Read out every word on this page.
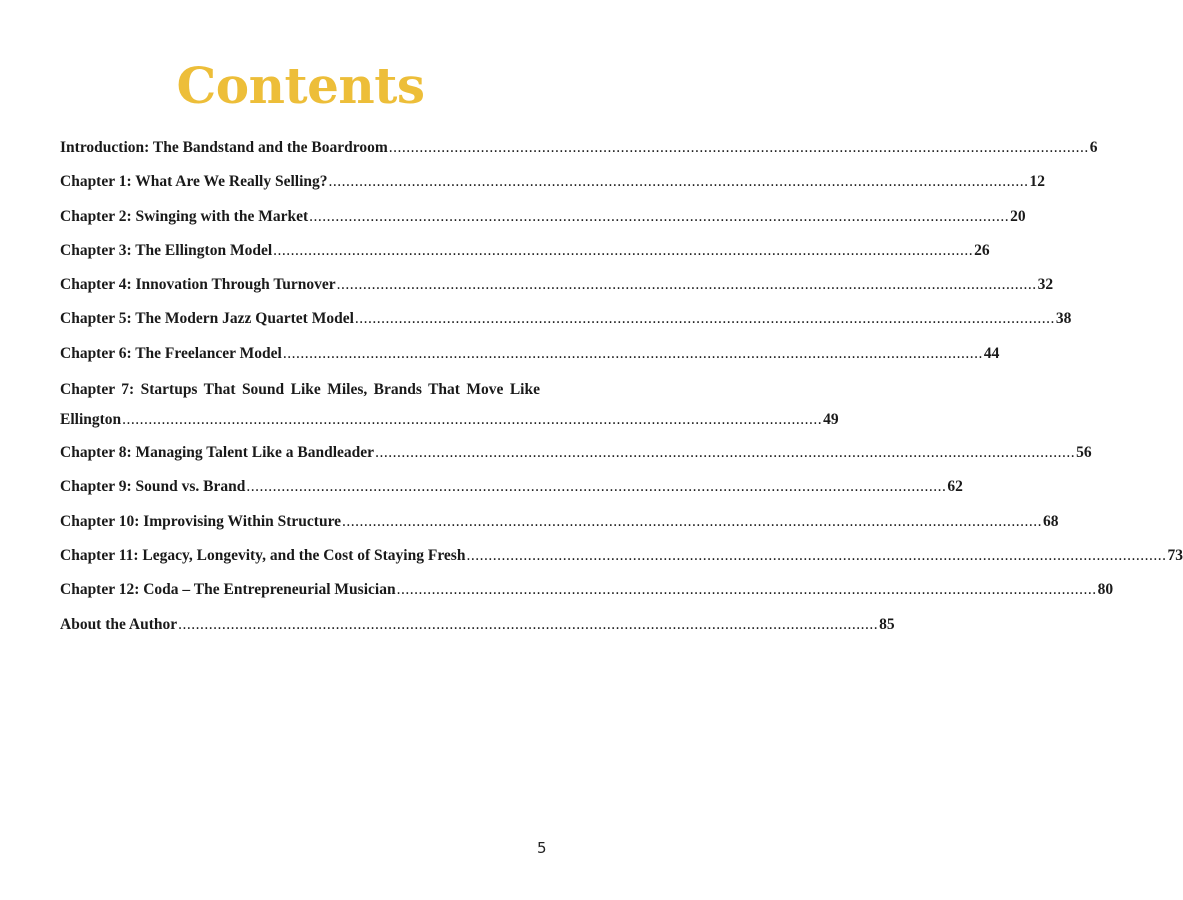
Contents
Introduction: The Bandstand and the Boardroom ................................................................................................................................................................ 6
Chapter 1: What Are We Really Selling? ................................................................................................................................................................ 12
Chapter 2: Swinging with the Market ................................................................................................................................................................ 20
Chapter 3: The Ellington Model ................................................................................................................................................................ 26
Chapter 4: Innovation Through Turnover ................................................................................................................................................................ 32
Chapter 5: The Modern Jazz Quartet Model ................................................................................................................................................................ 38
Chapter 6: The Freelancer Model ................................................................................................................................................................ 44
Chapter 7: Startups That Sound Like Miles, Brands That Move Like
Ellington ................................................................................................................................................................ 49
Chapter 8: Managing Talent Like a Bandleader ................................................................................................................................................................ 56
Chapter 9: Sound vs. Brand ................................................................................................................................................................ 62
Chapter 10: Improvising Within Structure ................................................................................................................................................................ 68
Chapter 11: Legacy, Longevity, and the Cost of Staying Fresh ................................................................................................................................................................ 73
Chapter 12: Coda – The Entrepreneurial Musician ................................................................................................................................................................ 80
About the Author ................................................................................................................................................................ 85
5
